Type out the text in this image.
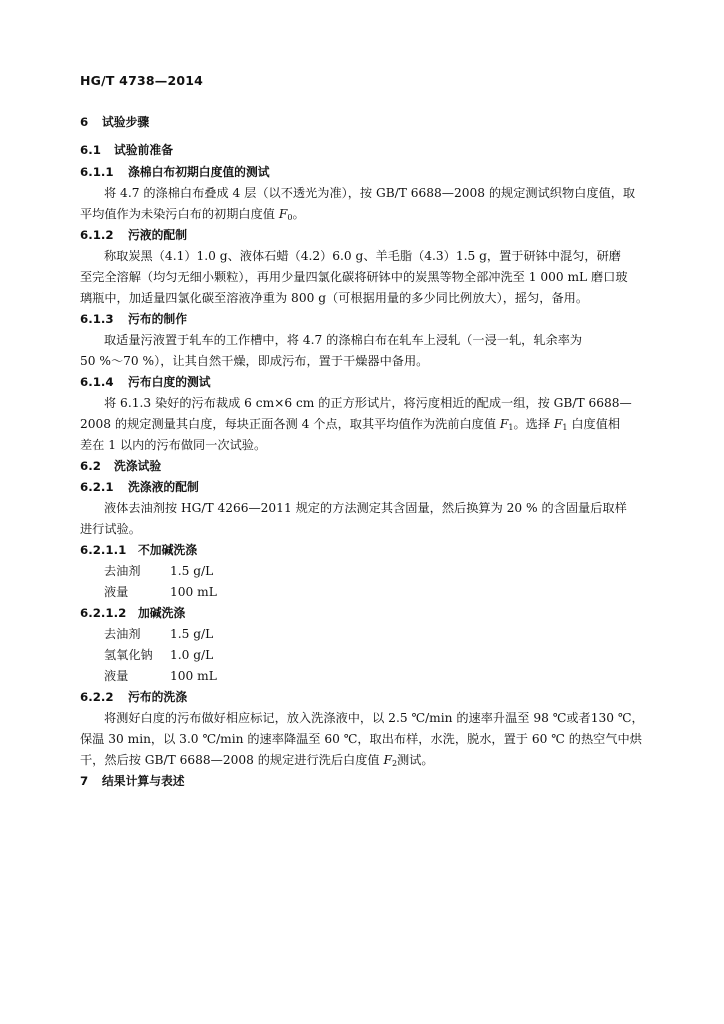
HG/T 4738—2014
6 试验步骤
6.1 试验前准备
6.1.1 涤棉白布初期白度值的测试
将 4.7 的涤棉白布叠成 4 层（以不透光为准），按 GB/T 6688—2008 的规定测试织物白度值，取
平均值作为未染污白布的初期白度值 $F_0$。
6.1.2 污液的配制
称取炭黑（4.1）1.0 g、液体石蜡（4.2）6.0 g、羊毛脂（4.3）1.5 g，置于研钵中混匀，研磨
至完全溶解（均匀无细小颗粒），再用少量四氯化碳将研钵中的炭黑等物全部冲洗至 1 000 mL 磨口玻
璃瓶中，加适量四氯化碳至溶液净重为 800 g（可根据用量的多少同比例放大），摇匀，备用。
6.1.3 污布的制作
取适量污液置于轧车的工作槽中，将 4.7 的涤棉白布在轧车上浸轧（一浸一轧，轧余率为
50 %～70 %），让其自然干燥，即成污布，置于干燥器中备用。
6.1.4 污布白度的测试
将 6.1.3 染好的污布裁成 6 cm×6 cm 的正方形试片，将污度相近的配成一组，按 GB/T 6688—
2008 的规定测量其白度，每块正面各测 4 个点，取其平均值作为洗前白度值 $F_1$。选择 $F_1$ 白度值相
差在 1 以内的污布做同一次试验。
6.2 洗涤试验
6.2.1 洗涤液的配制
液体去油剂按 HG/T 4266—2011 规定的方法测定其含固量，然后换算为 20 % 的含固量后取样
进行试验。
6.2.1.1 不加碱洗涤
去油剂 1.5 g/L
液量	100 mL
6.2.1.2 加碱洗涤
去油剂 1.5 g/L
氢氧化钠 1.0 g/L
液量	100 mL
6.2.2 污布的洗涤
将测好白度的污布做好相应标记，放入洗涤液中，以 2.5 ℃/min 的速率升温至 98 ℃或者130 ℃，
保温 30 min，以 3.0 ℃/min 的速率降温至 60 ℃，取出布样，水洗，脱水，置于 60 ℃ 的热空气中烘
干，然后按 GB/T 6688—2008 的规定进行洗后白度值 $F_2$测试。
7 结果计算与表述
